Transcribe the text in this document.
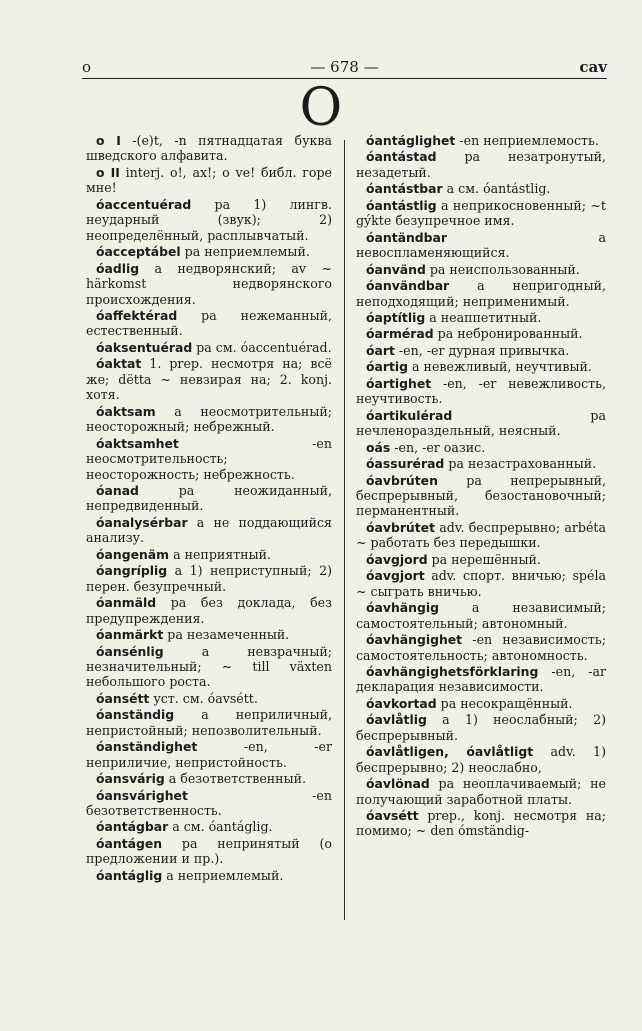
o	— 678 —	cav
O

o I -(e)t, -n пятнадцатая буква шведского алфавита.

o II interj. o!, ax!; o ve! библ. горе мне!

óaccentuérad pa 1) лингв. неударный (звук); 2) неопределённый, расплывчатый.

óacceptábel pa неприемлемый.

óadlig a недворянский; av ~ härkomst недворянского происхождения.

óaffektérad pa нежеманный, естественный.

óaksentuérad pa см. óaccentuérad.

óaktat 1. prep. несмотря на; всё же; dëtta ~ невзирая на; 2. konj. хотя.

óaktsam a неосмотрительный; неосторожный; небрежный.

óaktsamhet -en неосмотрительность; неосторожность; небрежность.

óanad pa неожиданный, непредвиденный.

óanalysérbar a не поддающийся анализу.

óangenäm a неприятный.

óangríplig a 1) неприступный; 2) перен. безупречный.

óanmäld pa без доклада, без предупреждения.

óanmärkt pa незамеченный.

óansénlig a невзрачный; незначительный; ~ till växten небольшого роста.

óansétt уст. см. óavsétt.

óanständig a неприличный, непристойный; непозволительный.

óanständighet -en, -er неприличие, непристойность.

óansvárig a безответственный.

óansvárighet -en безответственность.

óantágbar a см. óantáglig.

óantágen pa непринятый (о предложении и пр.).

óantáglig a неприемлемый.

óantáglighet -en неприемлемость.

óantástad pa незатронутый, незадетый.

óantástbar a см. óantástlig.

óantástlig a неприкосновенный; ~t gýkte безупречное имя.

óantändbar a невоспламеняющийся.

óanvänd pa неиспользованный.

óanvändbar a непригодный, неподходящий; неприменимый.

óaptítlig a неаппетитный.

óarmérad pa небронированный.

óart -en, -er дурная привычка.

óartig a невежливый, неучтивый.

óartighet -en, -er невежливость, неучтивость.

óartikulérad pa нечленораздельный, неясный.

oás -en, -er оазис.

óassurérad pa незастрахованный.

óavbrúten pa непрерывный, беспрерывный, безостановочный; перманентный.

óavbrútet adv. беспрерывно; arbéta ~ работать без передышки.

óavgjord pa нерешённый.

óavgjort adv. спорт. вничью; spéla ~ сыграть вничью.

óavhängig a независимый; самостоятельный; автономный.

óavhängighet -en независимость; самостоятельность; автономность.

óavhängighetsförklaring -en, -ar декларация независимости.

óavkortad pa несокращённый.

óavlåtlig a 1) неослабный; 2) беспрерывный.

óavlåtligen, óavlåtligt adv. 1) беспрерывно; 2) неослабно,

óavlönad pa неоплачиваемый; не получающий заработной платы.

óavsétt prep., konj. несмотря на; помимо; ~ den ómständig-
